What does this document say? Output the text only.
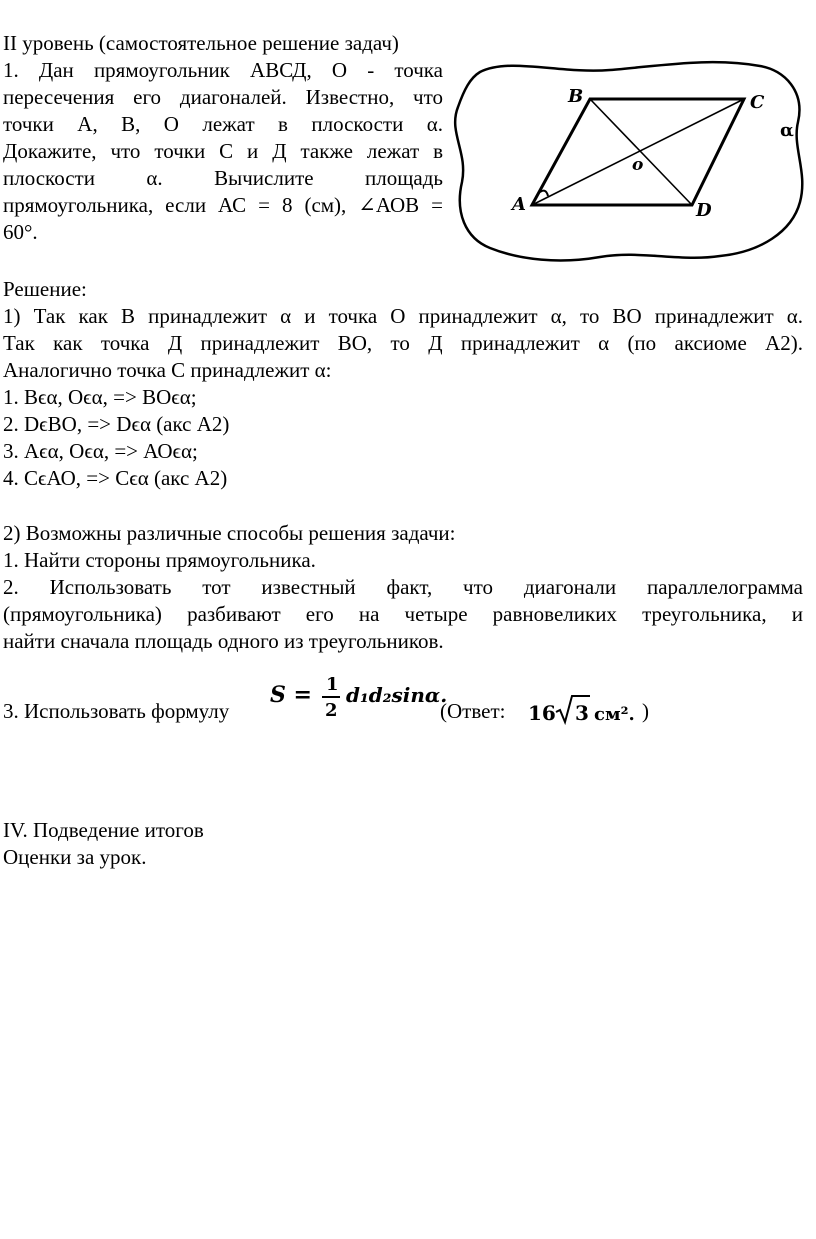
II уровень (самостоятельное решение задач)
1. Дан прямоугольник АВСД, О - точка
пересечения его диагоналей. Известно, что
точки А, В, О лежат в плоскости α.
Докажите, что точки С и Д также лежат в
плоскости α. Вычислите площадь
прямоугольника, если АС = 8 (см), ∠АОВ =
60°.
A
B	C
D
o
α
Решение:
1) Так как В принадлежит α и точка О принадлежит α, то ВО принадлежит α.
Так как точка Д принадлежит ВО, то Д принадлежит α (по аксиоме А2).
Аналогично точка С принадлежит α:
1. Вϵα, Оϵα, => ВОϵα;
2. DϵВО, => Dϵα (акс А2)
3. Аϵα, Оϵα, => АОϵα;
4. СϵАО, => Сϵα (акс А2)
2) Возможны различные способы решения задачи:
1. Найти стороны прямоугольника.
2. Использовать тот известный факт, что диагонали параллелограмма
(прямоугольника) разбивают его на четыре равновеликих треугольника, и
найти сначала площадь одного из треугольников.
3. Использовать формулу
S = 1
2
d₁d₂sinα.
(Ответ: 16 3 см². )
IV. Подведение итогов
Оценки за урок.
